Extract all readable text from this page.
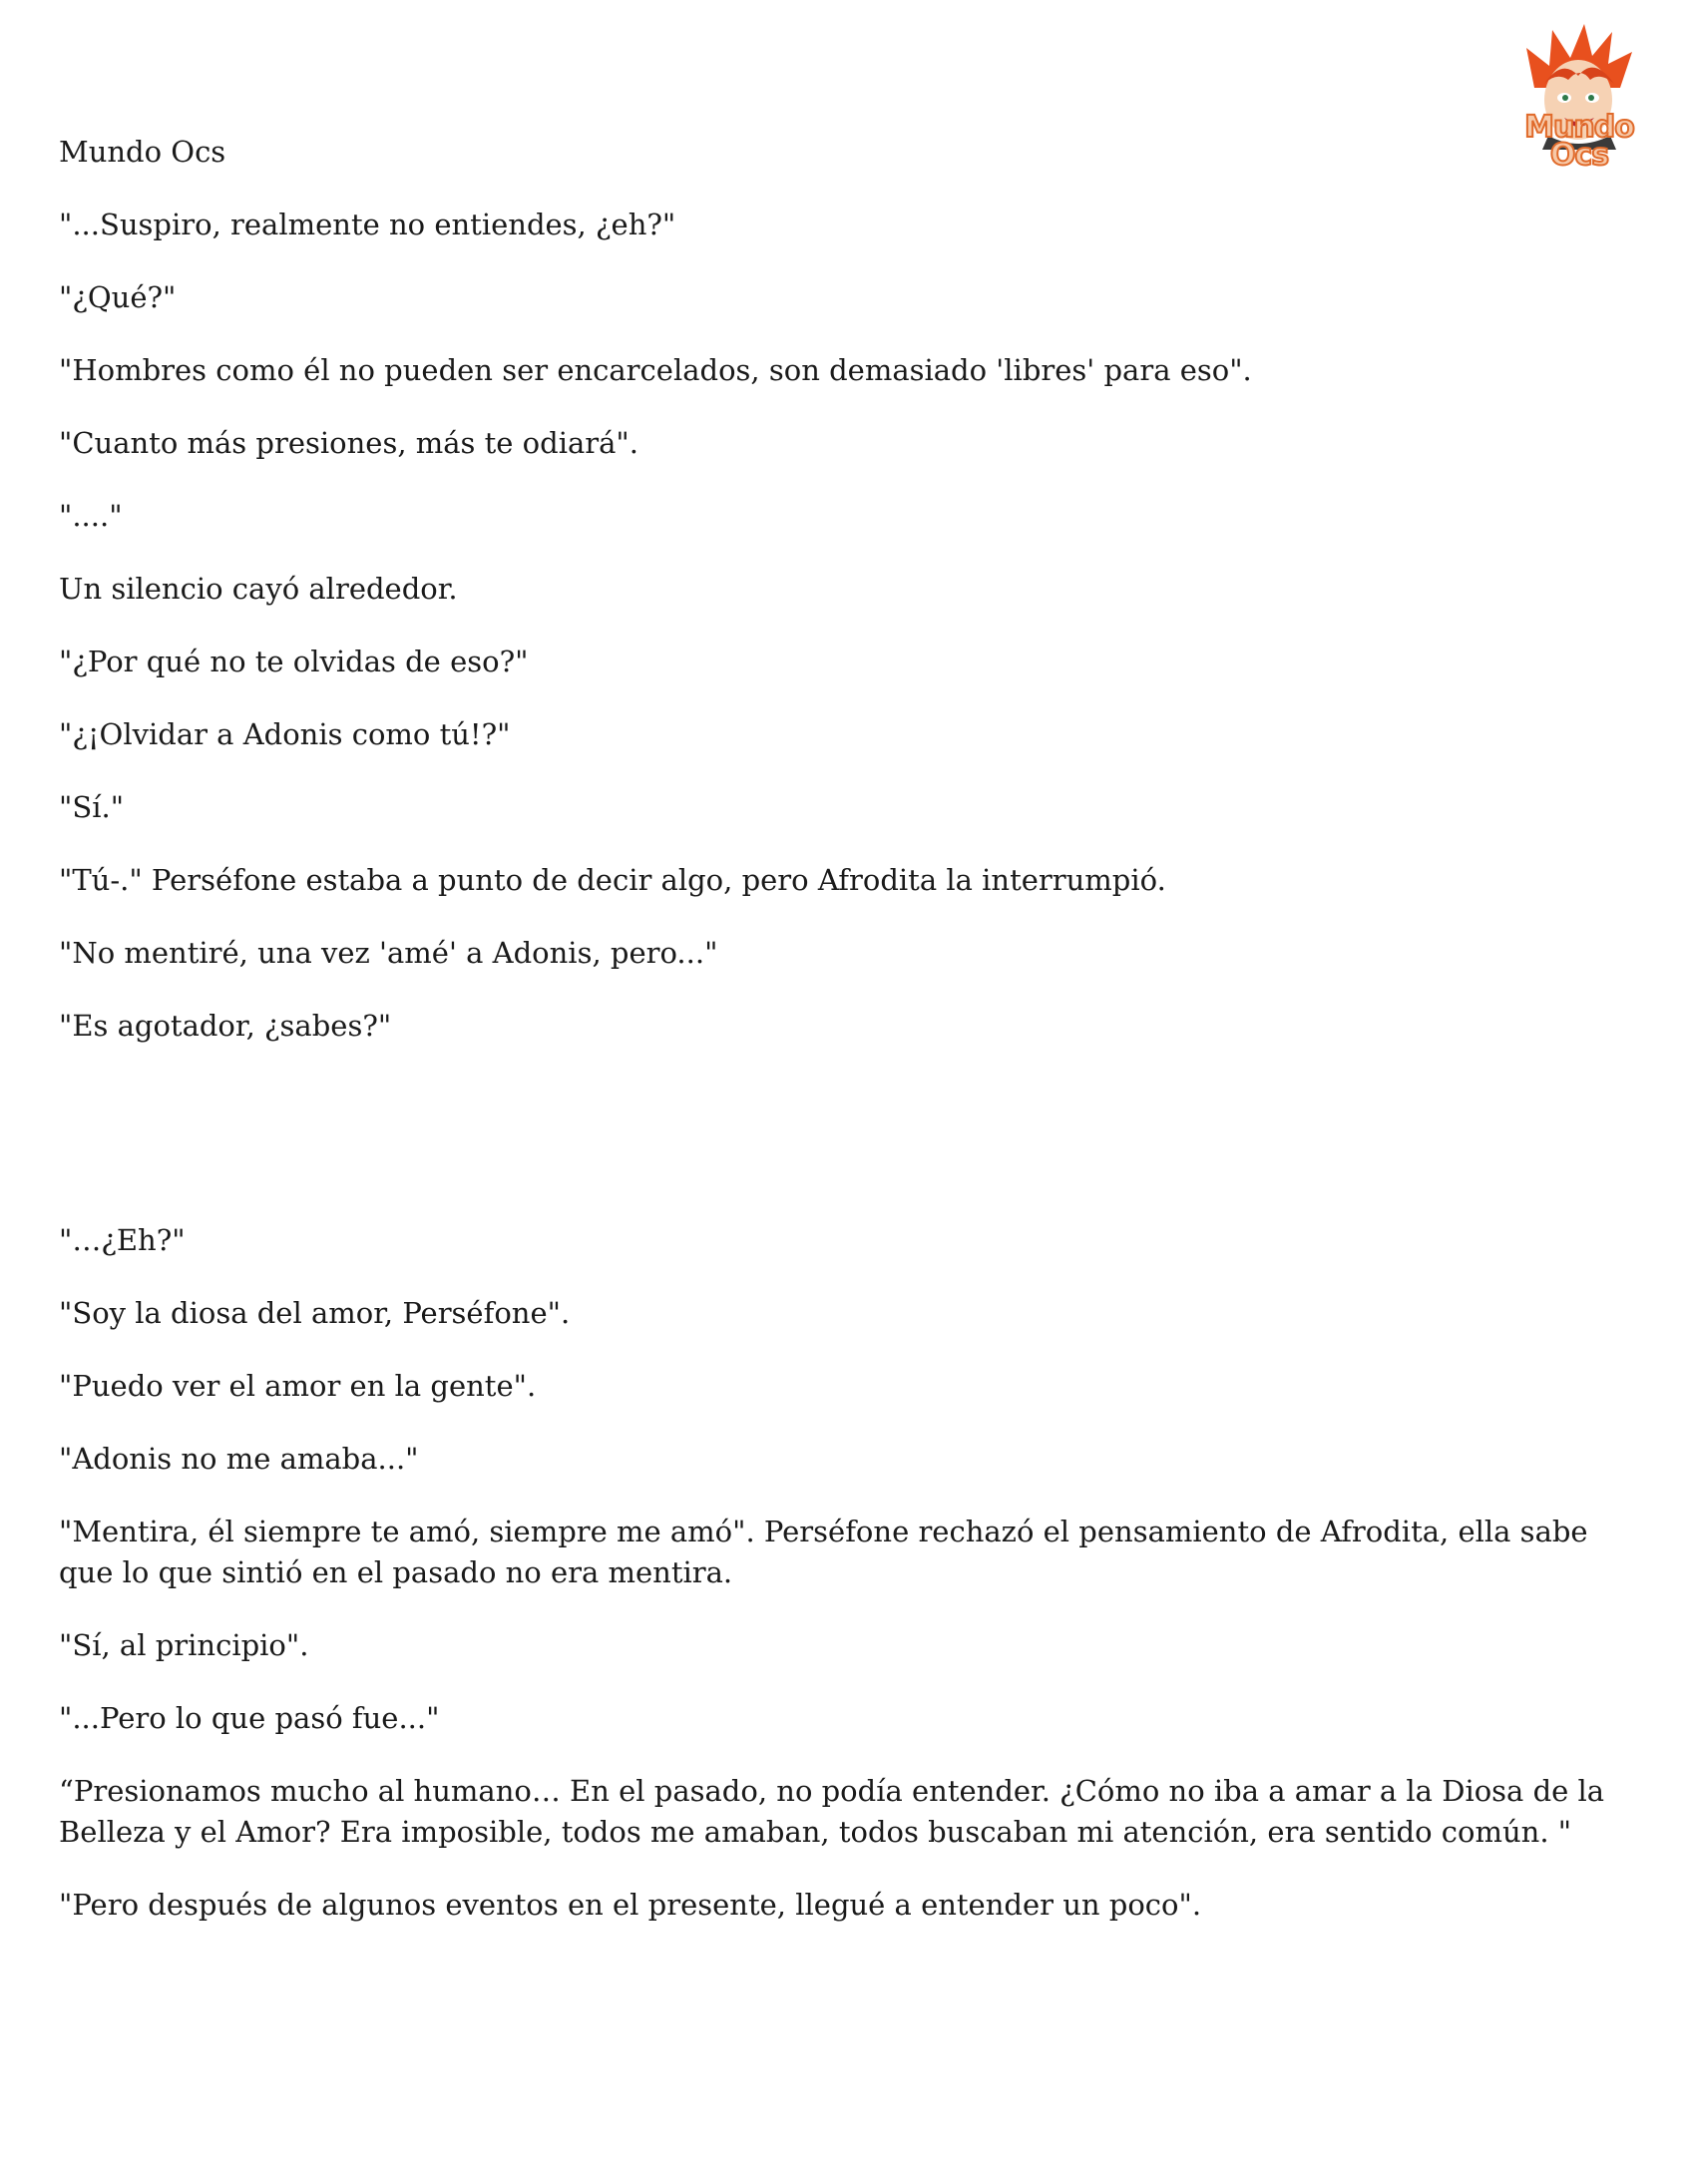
Mundo
Ocs
Mundo Ocs

"...Suspiro, realmente no entiendes, ¿eh?"

"¿Qué?"

"Hombres como él no pueden ser encarcelados, son demasiado 'libres' para eso".

"Cuanto más presiones, más te odiará".

"...."

Un silencio cayó alrededor.

"¿Por qué no te olvidas de eso?"

"¿¡Olvidar a Adonis como tú!?"

"Sí."

"Tú-." Perséfone estaba a punto de decir algo, pero Afrodita la interrumpió.

"No mentiré, una vez 'amé' a Adonis, pero..."

"Es agotador, ¿sabes?"

"…¿Eh?"

"Soy la diosa del amor, Perséfone".

"Puedo ver el amor en la gente".

"Adonis no me amaba..."

"Mentira, él siempre te amó, siempre me amó". Perséfone rechazó el pensamiento de Afrodita, ella sabe que lo que sintió en el pasado no era mentira.

"Sí, al principio".

"...Pero lo que pasó fue..."

“Presionamos mucho al humano… En el pasado, no podía entender. ¿Cómo no iba a amar a la Diosa de la Belleza y el Amor? Era imposible, todos me amaban, todos buscaban mi atención, era sentido común. "

"Pero después de algunos eventos en el presente, llegué a entender un poco".
